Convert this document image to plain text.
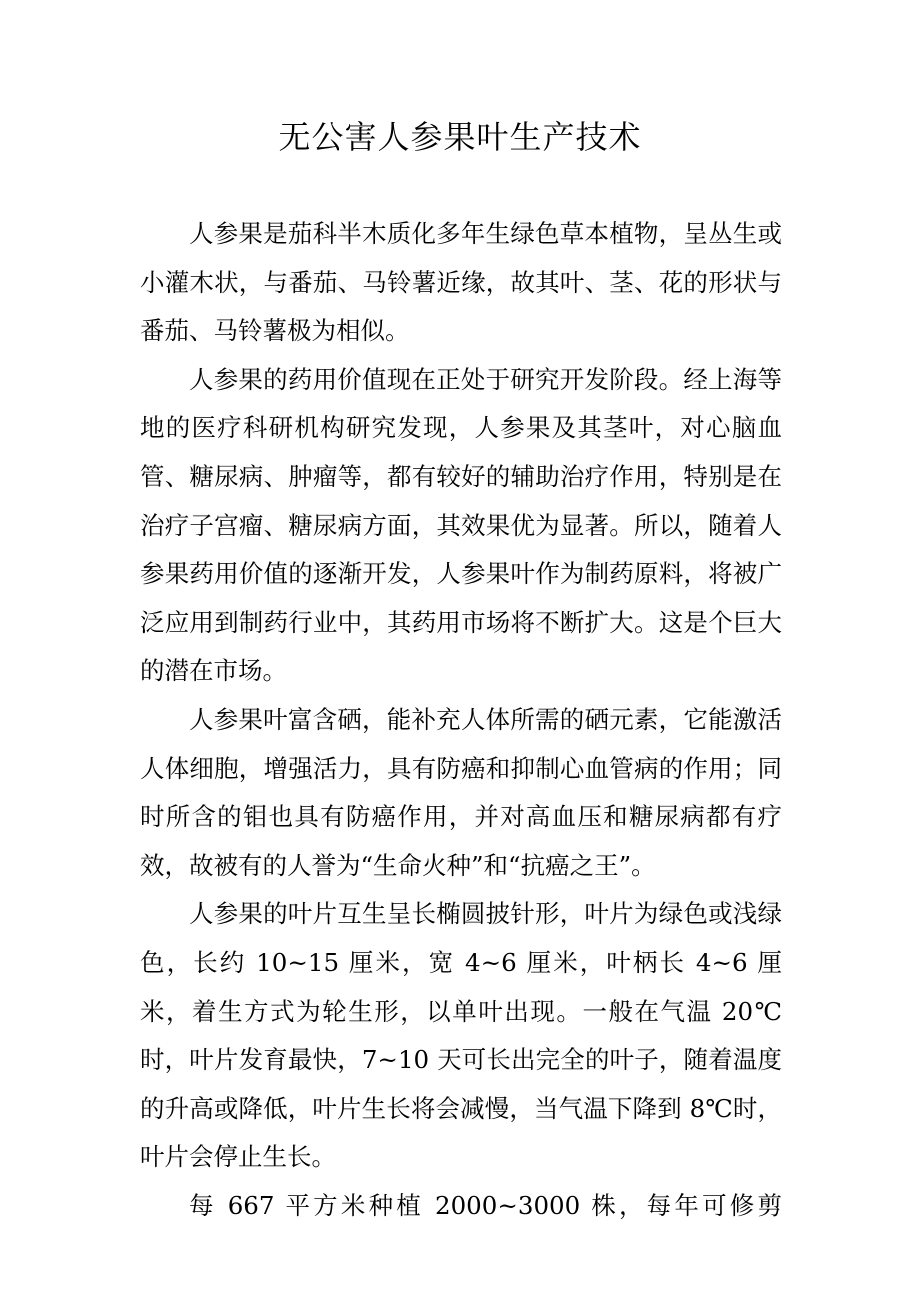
无公害人参果叶生产技术

人参果是茄科半木质化多年生绿色草本植物，呈丛生或小灌木状，与番茄、马铃薯近缘，故其叶、茎、花的形状与番茄、马铃薯极为相似。

人参果的药用价值现在正处于研究开发阶段。经上海等地的医疗科研机构研究发现，人参果及其茎叶，对心脑血管、糖尿病、肿瘤等，都有较好的辅助治疗作用，特别是在治疗子宫瘤、糖尿病方面，其效果优为显著。所以，随着人参果药用价值的逐渐开发，人参果叶作为制药原料，将被广泛应用到制药行业中，其药用市场将不断扩大。这是个巨大的潜在市场。

人参果叶富含硒，能补充人体所需的硒元素，它能激活人体细胞，增强活力，具有防癌和抑制心血管病的作用；同时所含的钼也具有防癌作用，并对高血压和糖尿病都有疗效，故被有的人誉为“生命火种”和“抗癌之王”。

人参果的叶片互生呈长椭圆披针形，叶片为绿色或浅绿色，长约 10~15 厘米，宽 4~6 厘米，叶柄长 4~6 厘米，着生方式为轮生形，以单叶出现。一般在气温 20℃时，叶片发育最快，7~10 天可长出完全的叶子，随着温度的升高或降低，叶片生长将会减慢，当气温下降到 8℃时，叶片会停止生长。

每 667 平方米种植 2000~3000 株，每年可修剪
